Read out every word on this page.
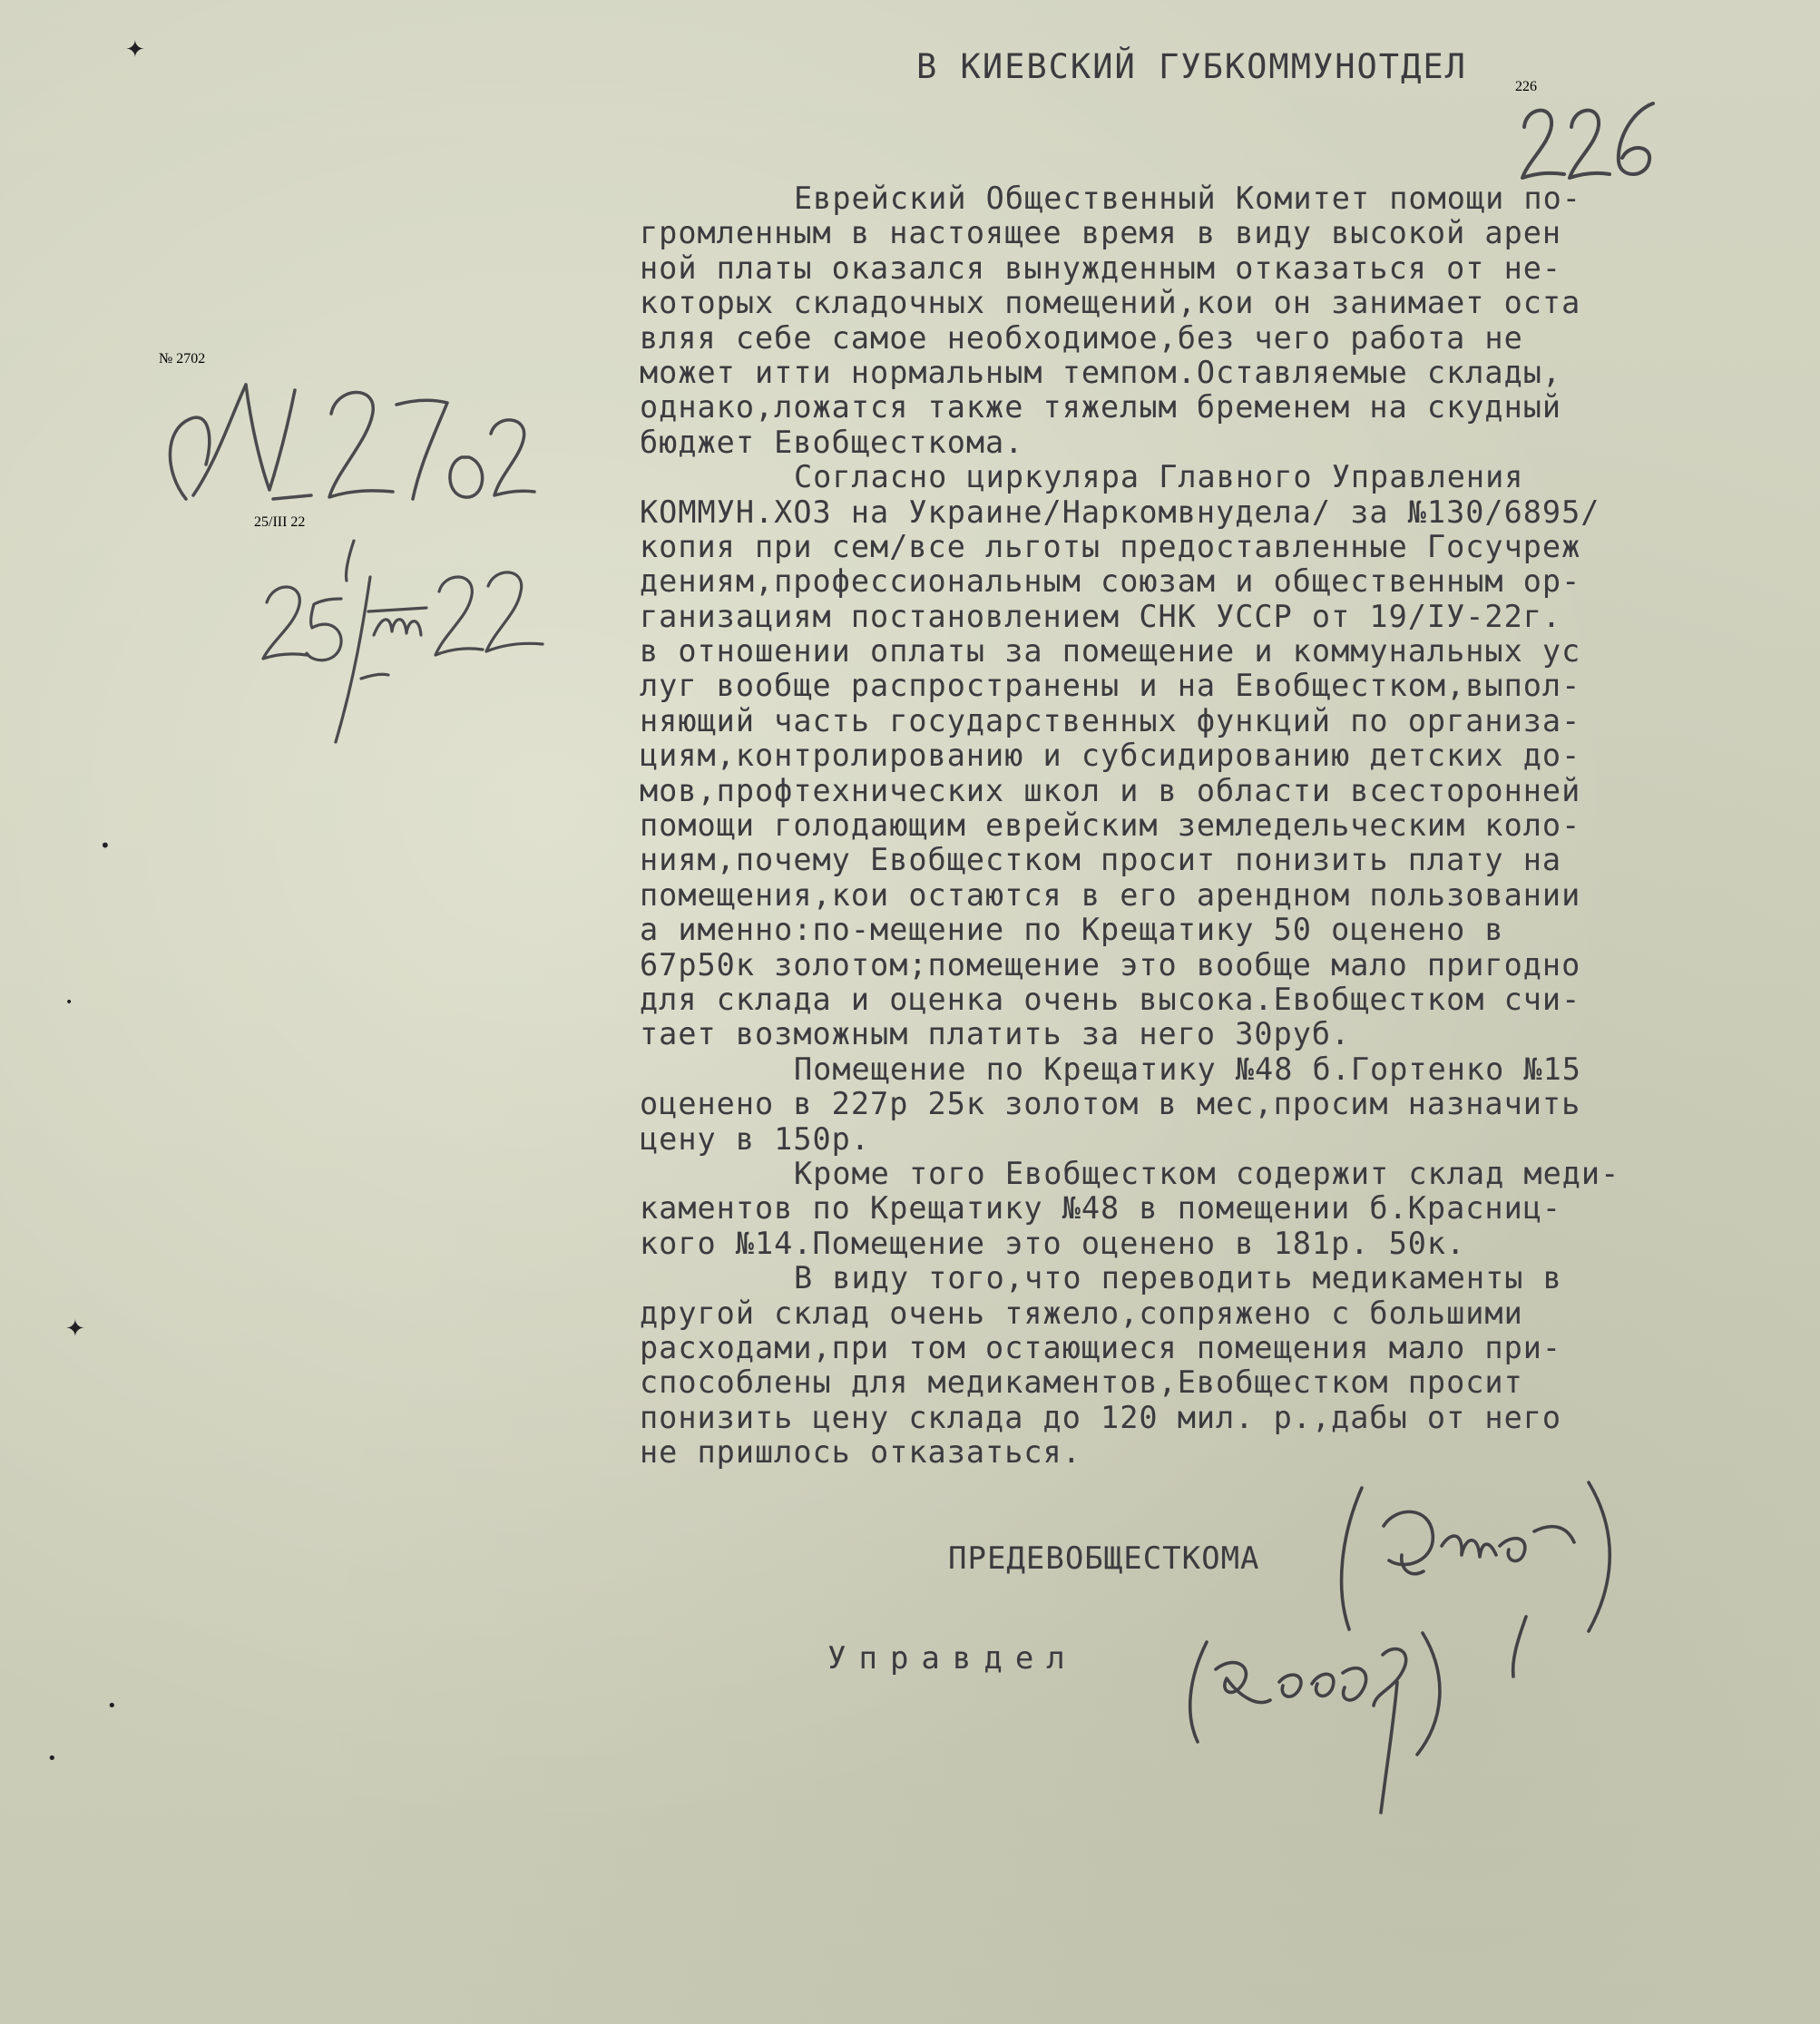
В КИЕВСКИЙ ГУБКОММУНОТДЕЛ
226
№ 2702
25/III 22
Еврейский Общественный Комитет помощи по-
громленным в настоящее время в виду высокой арен
ной платы оказался вынужденным отказаться от не-
которых складочных помещений,кои он занимает оста
вляя себе самое необходимое,без чего работа не
может итти нормальным темпом.Оставляемые склады,
однако,ложатся также тяжелым бременем на скудный
бюджет Евобщесткома.
Согласно циркуляра Главного Управления
КОММУН.ХОЗ на Украине/Наркомвнудела/ за №130/6895/
копия при сем/все льготы предоставленные Госучреж
дениям,профессиональным союзам и общественным ор-
ганизациям постановлением СНК УССР от 19/IУ-22г.
в отношении оплаты за помещение и коммунальных ус
луг вообще распространены и на Евобщестком,выпол-
няющий часть государственных функций по организа-
циям,контролированию и субсидированию детских до-
мов,профтехнических школ и в области всесторонней
помощи голодающим еврейским земледельческим коло-
ниям,почему Евобщестком просит понизить плату на
помещения,кои остаются в его арендном пользовании
а именно:по-мещение по Крещатику 50 оценено в
67р50к золотом;помещение это вообще мало пригодно
для склада и оценка очень высока.Евобщестком счи-
тает возможным платить за него 30руб.
Помещение по Крещатику №48 б.Гортенко №15
оценено в 227р 25к золотом в мес,просим назначить
цену в 150р.
Кроме того Евобщестком содержит склад меди-
каментов по Крещатику №48 в помещении б.Красниц-
кого №14.Помещение это оценено в 181р. 50к.
В виду того,что переводить медикаменты в
другой склад очень тяжело,сопряжено с большими
расходами,при том остающиеся помещения мало при-
способлены для медикаментов,Евобщестком просит
понизить цену склада до 120 мил. р.,дабы от него
не пришлось отказаться.
ПРЕДЕВОБЩЕСТКОМА
Управдел
✦
•
✦
•
•
•
